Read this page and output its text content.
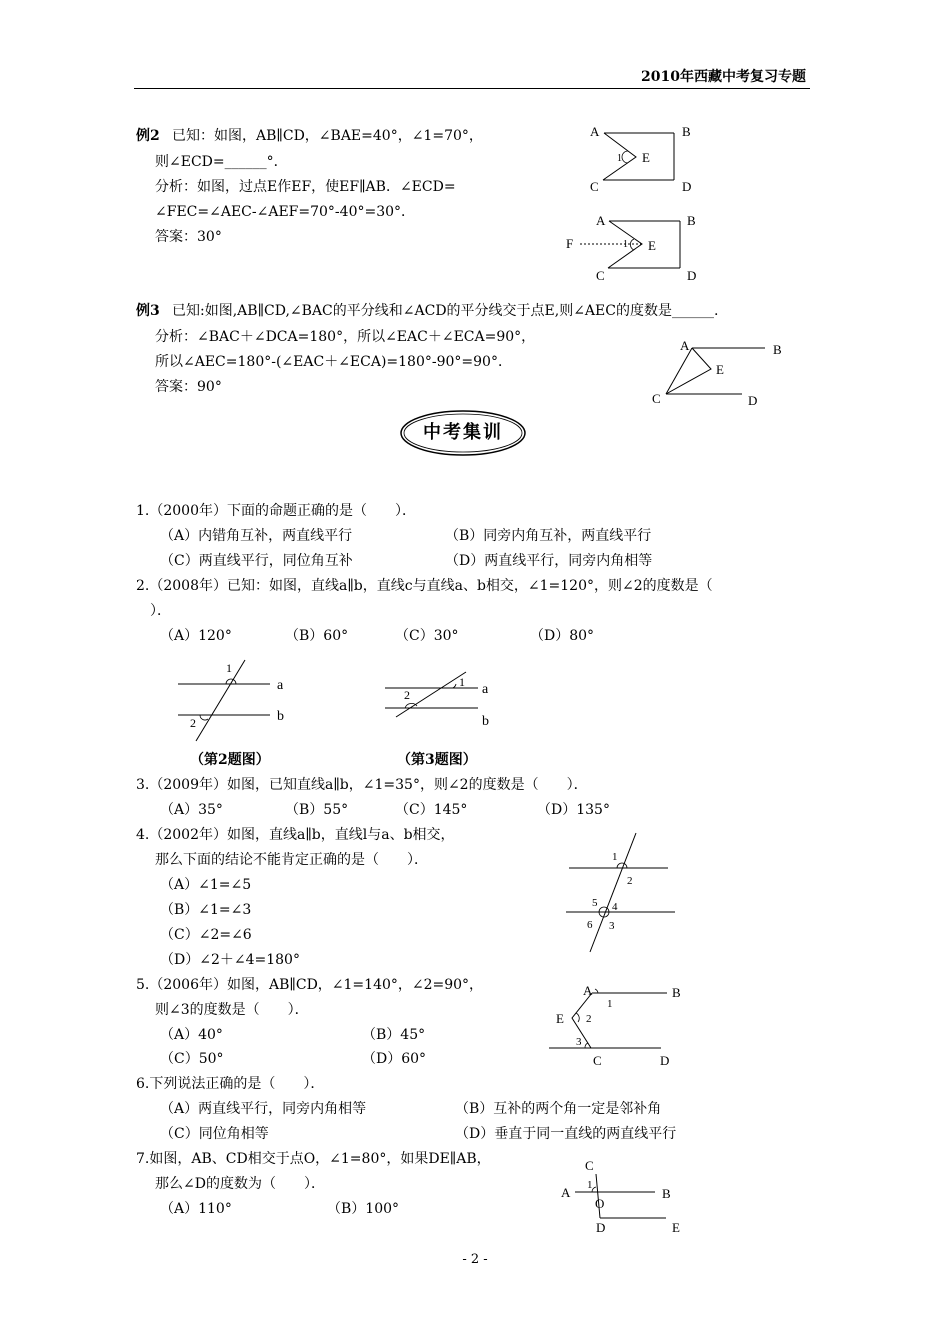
2010年西藏中考复习专题
例2 已知：如图，AB∥CD，∠BAE=40°，∠1=70°，
则∠ECD=______°．
分析：如图，过点E作EF，使EF∥AB．∠ECD=
∠FEC=∠AEC-∠AEF=70°-40°=30°．
答案：30°
A	B
1 E
C	D
A	B
F	1 E
C	D
例3 已知:如图,AB∥CD,∠BAC的平分线和∠ACD的平分线交于点E,则∠AEC的度数是______.
分析：∠BAC＋∠DCA=180°，所以∠EAC＋∠ECA=90°，
所以∠AEC=180°-(∠EAC＋∠ECA)=180°-90°=90°．
答案：90°
A	B
E
C	D
中考集训
1.（2000年）下面的命题正确的是（　　）．
（A）内错角互补，两直线平行	（B）同旁内角互补，两直线平行
（C）两直线平行，同位角互补	（D）两直线平行，同旁内角相等
2.（2008年）已知：如图，直线a∥b，直线c与直线a、b相交，∠1=120°，则∠2的度数是（
）．
（A）120°	（B）60°	（C）30°	（D）80°
1
a
2	b
（第2题图）
1 a
2
b
（第3题图）
3.（2009年）如图，已知直线a∥b，∠1=35°，则∠2的度数是（　　）．
（A）35°	（B）55°	（C）145°	（D）135°
4.（2002年）如图，直线a∥b，直线l与a、b相交，
那么下面的结论不能肯定正确的是（　　）．
（A）∠1=∠5
（B）∠1=∠3
（C）∠2=∠6
（D）∠2＋∠4=180°
1
2
5 4
6 3
5.（2006年）如图，AB∥CD，∠1=140°，∠2=90°，
则∠3的度数是（　　）．
（A）40°	（B）45°
（C）50°	（D）60°
A	B
1
E 2
3
C	D
6.下列说法正确的是（　　）．
（A）两直线平行，同旁内角相等	（B）互补的两个角一定是邻补角
（C）同位角相等	（D）垂直于同一直线的两直线平行
7.如图，AB、CD相交于点O，∠1=80°，如果DE∥AB，
那么∠D的度数为（　　）．
（A）110°	（B）100°
C
1
A
O
B
D	E
- 2 -
